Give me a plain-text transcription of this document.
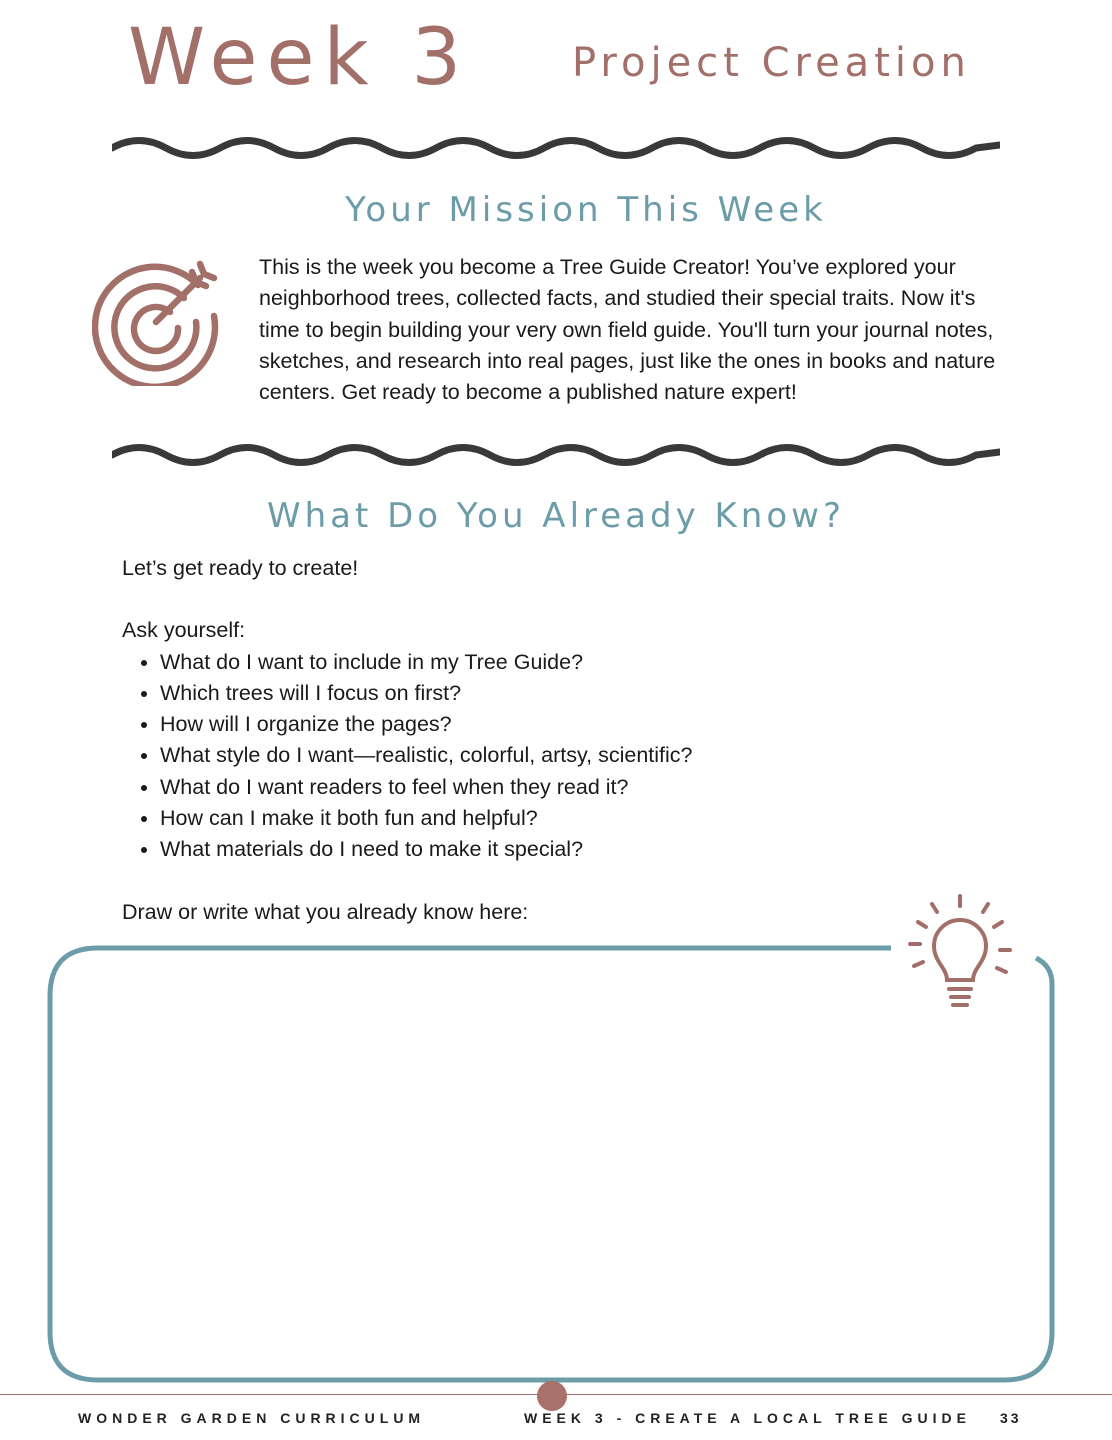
Week 3	Project Creation
Your Mission This Week
This is the week you become a Tree Guide Creator! You’ve explored your neighborhood trees, collected facts, and studied their special traits. Now it's time to begin building your very own field guide. You'll turn your journal notes, sketches, and research into real pages, just like the ones in books and nature centers. Get ready to become a published nature expert!
What Do You Already Know?

Let’s get ready to create!

Ask yourself:

• What do I want to include in my Tree Guide?
• Which trees will I focus on first?
• How will I organize the pages?
• What style do I want—realistic, colorful, artsy, scientific?
• What do I want readers to feel when they read it?
• How can I make it both fun and helpful?
• What materials do I need to make it special?

Draw or write what you already know here:

WONDER GARDEN CURRICULUM	WEEK 3 - CREATE A LOCAL TREE GUIDE 33
